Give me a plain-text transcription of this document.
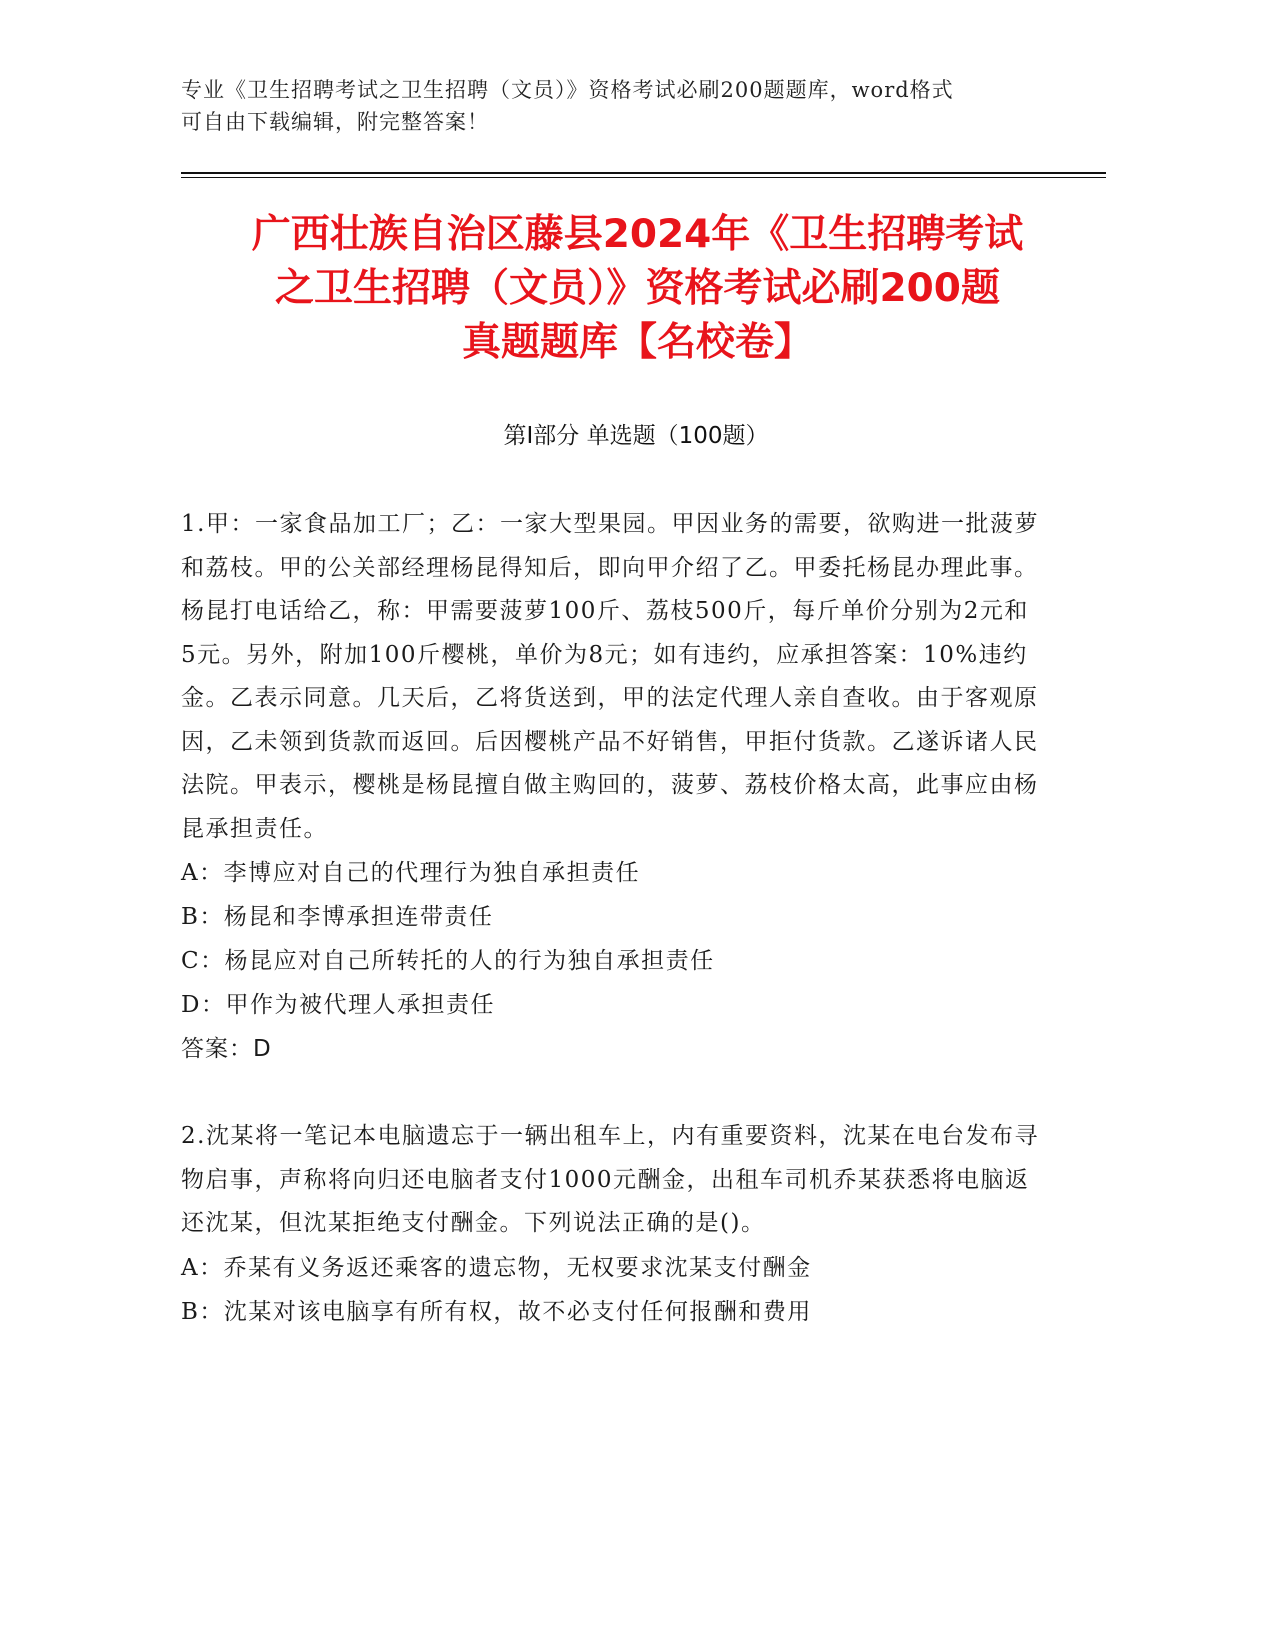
专业《卫生招聘考试之卫生招聘（文员）》资格考试必刷200题题库，word格式
可自由下载编辑，附完整答案！
广西壮族自治区藤县2024年《卫生招聘考试
之卫生招聘（文员）》资格考试必刷200题
真题题库【名校卷】
第Ⅰ部分 单选题（100题）
1.甲：一家食品加工厂；乙：一家大型果园。甲因业务的需要，欲购进一批菠萝和荔枝。甲的公关部经理杨昆得知后，即向甲介绍了乙。甲委托杨昆办理此事。杨昆打电话给乙，称：甲需要菠萝100斤、荔枝500斤，每斤单价分别为2元和5元。另外，附加100斤樱桃，单价为8元；如有违约，应承担答案：10%违约金。乙表示同意。几天后，乙将货送到，甲的法定代理人亲自查收。由于客观原因，乙未领到货款而返回。后因樱桃产品不好销售，甲拒付货款。乙遂诉诸人民法院。甲表示，樱桃是杨昆擅自做主购回的，菠萝、荔枝价格太高，此事应由杨昆承担责任。
A：李博应对自己的代理行为独自承担责任
B：杨昆和李博承担连带责任
C：杨昆应对自己所转托的人的行为独自承担责任
D：甲作为被代理人承担责任
答案：D
2.沈某将一笔记本电脑遗忘于一辆出租车上，内有重要资料，沈某在电台发布寻物启事，声称将向归还电脑者支付1000元酬金，出租车司机乔某获悉将电脑返还沈某，但沈某拒绝支付酬金。下列说法正确的是()。
A：乔某有义务返还乘客的遗忘物，无权要求沈某支付酬金
B：沈某对该电脑享有所有权，故不必支付任何报酬和费用
